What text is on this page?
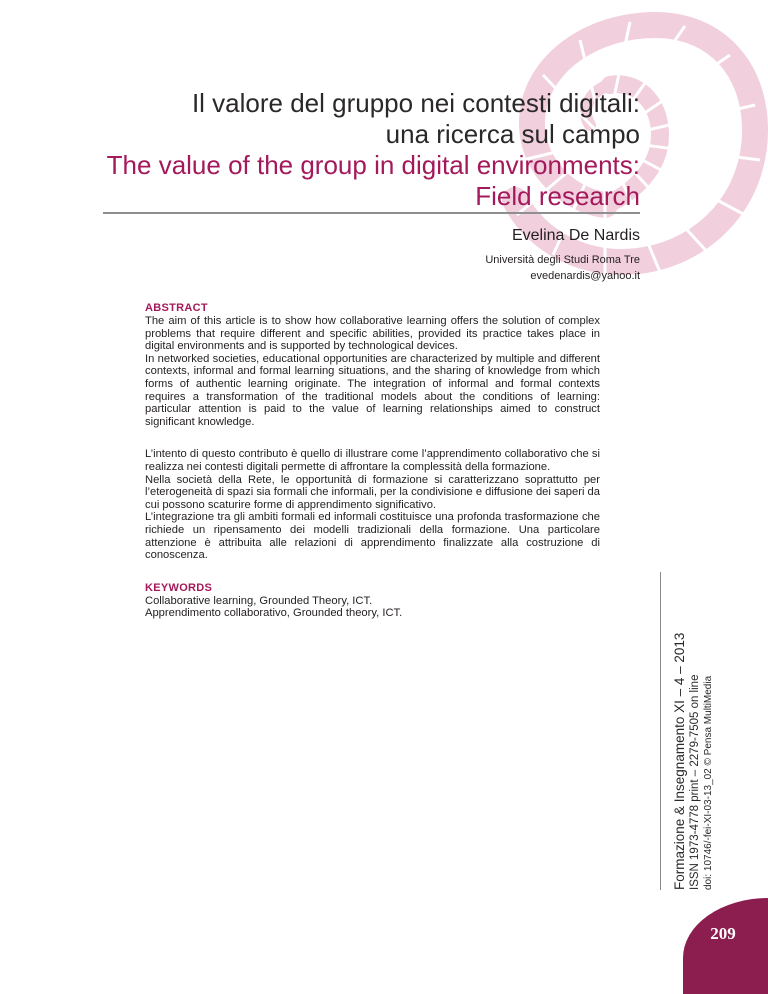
Il valore del gruppo nei contesti digitali:
una ricerca sul campo
The value of the group in digital environments:
Field research
Evelina De Nardis
Università degli Studi Roma Tre
evedenardis@yahoo.it
ABSTRACT

The aim of this article is to show how collaborative learning offers the solution of complex problems that require different and specific abilities, provided its practice takes place in digital environments and is supported by technological devices.

In networked societies, educational opportunities are characterized by multiple and different contexts, informal and formal learning situations, and the sharing of knowledge from which forms of authentic learning originate. The integration of informal and formal contexts requires a transformation of the traditional models about the conditions of learning: particular attention is paid to the value of learning relationships aimed to construct significant knowledge.

L’intento di questo contributo è quello di illustrare come l’apprendimento collaborativo che si realizza nei contesti digitali permette di affrontare la complessità della formazione.

Nella società della Rete, le opportunità di formazione si caratterizzano soprattutto per l’eterogeneità di spazi sia formali che informali, per la condivisione e diffusione dei saperi da cui possono scaturire forme di apprendimento significativo.

L’integrazione tra gli ambiti formali ed informali costituisce una profonda trasformazione che richiede un ripensamento dei modelli tradizionali della formazione. Una particolare attenzione è attribuita alle relazioni di apprendimento finalizzate alla costruzione di conoscenza.

KEYWORDS
Collaborative learning, Grounded Theory, ICT.
Apprendimento collaborativo, Grounded theory, ICT.
Formazione & Insegnamento XI – 4 – 2013 ISSN 1973-4778 print – 2279-7505 on line doi: 10746/-fei-XI-03-13_02 © Pensa MultiMedia
209
